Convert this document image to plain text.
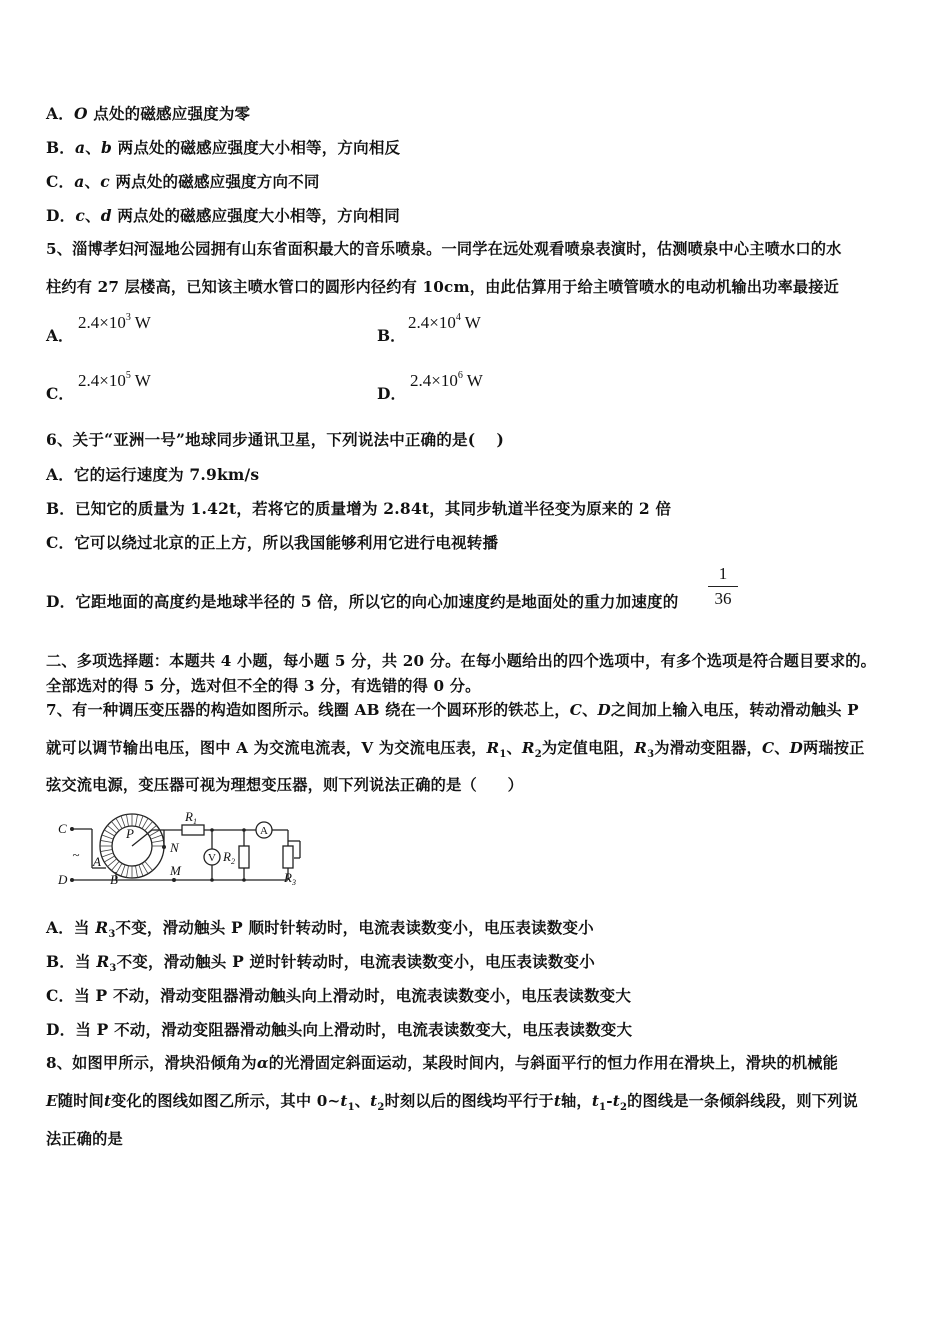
A．O 点处的磁感应强度为零
B．a、b 两点处的磁感应强度大小相等，方向相反
C．a、c 两点处的磁感应强度方向不同
D．c、d 两点处的磁感应强度大小相等，方向相同
5、淄博孝妇河湿地公园拥有山东省面积最大的音乐喷泉。一同学在远处观看喷泉表演时，估测喷泉中心主喷水口的水
柱约有 27 层楼高，已知该主喷水管口的圆形内径约有 10cm，由此估算用于给主喷管喷水的电动机输出功率最接近
A．
$2.4\times 10^3$ W
B．
$2.4\times 10^4$ W
C．
$2.4\times 10^5$ W
D．
$2.4\times 10^6$ W
6、关于“亚洲一号”地球同步通讯卫星，下列说法中正确的是(　 )
A．它的运行速度为 7.9km/s
B．已知它的质量为 1.42t，若将它的质量增为 2.84t，其同步轨道半径变为原来的 2 倍
C．它可以绕过北京的正上方，所以我国能够利用它进行电视转播
D．它距地面的高度约是地球半径的 5 倍，所以它的向心加速度约是地面处的重力加速度的
1
36
二、多项选择题：本题共 4 小题，每小题 5 分，共 20 分。在每小题给出的四个选项中，有多个选项是符合题目要求的。
全部选对的得 5 分，选对但不全的得 3 分，有选错的得 0 分。
7、有一种调压变压器的构造如图所示。线圈 AB 绕在一个圆环形的铁芯上，C、D之间加上输入电压，转动滑动触头 P
就可以调节输出电压，图中 A 为交流电流表，V 为交流电压表，$R_1$、$R_2$为定值电阻，$R_3$为滑动变阻器，C、D两瑞按正
弦交流电源，变压器可视为理想变压器，则下列说法正确的是（　　）
C
D
P
N
M
A
B
$R_1$
$R_2$
$R_3$
A
V
~
A．当 $R_3$不变，滑动触头 P 顺时针转动时，电流表读数变小，电压表读数变小
B．当 $R_3$不变，滑动触头 P 逆时针转动时，电流表读数变小，电压表读数变小
C．当 P 不动，滑动变阻器滑动触头向上滑动时，电流表读数变小，电压表读数变大
D．当 P 不动，滑动变阻器滑动触头向上滑动时，电流表读数变大，电压表读数变大
8、如图甲所示，滑块沿倾角为α的光滑固定斜面运动，某段时间内，与斜面平行的恒力作用在滑块上，滑块的机械能
E随时间t变化的图线如图乙所示，其中 $0\sim t_1$、$t_2$时刻以后的图线均平行于t轴，$t_1-t_2$的图线是一条倾斜线段，则下列说
法正确的是
